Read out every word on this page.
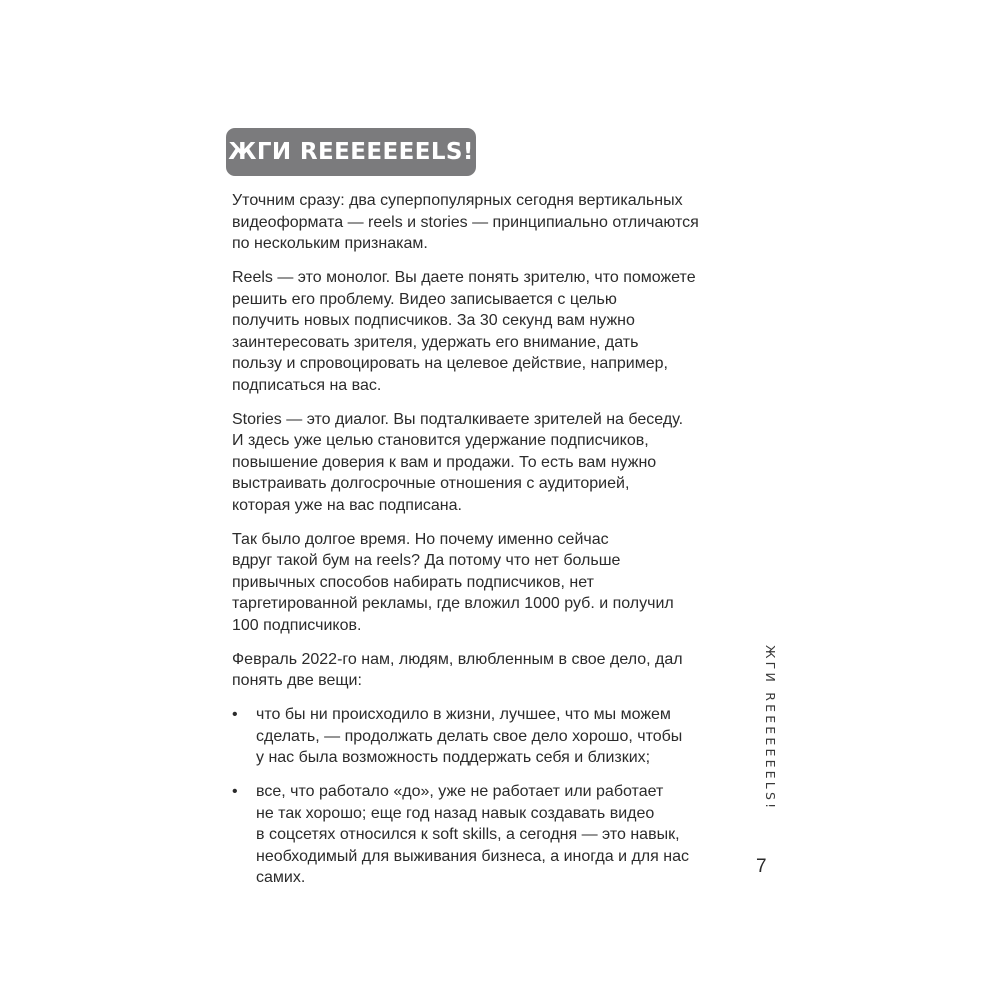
ЖГИ REEEEEEELS!

Уточним сразу: два суперпопулярных сегодня вертикальных
видеоформата — reels и stories — принципиально отличаются
по нескольким признакам.

Reels — это монолог. Вы даете понять зрителю, что поможете
решить его проблему. Видео записывается с целью
получить новых подписчиков. За 30 секунд вам нужно
заинтересовать зрителя, удержать его внимание, дать
пользу и спровоцировать на целевое действие, например,
подписаться на вас.

Stories — это диалог. Вы подталкиваете зрителей на беседу.
И здесь уже целью становится удержание подписчиков,
повышение доверия к вам и продажи. То есть вам нужно
выстраивать долгосрочные отношения с аудиторией,
которая уже на вас подписана.

Так было долгое время. Но почему именно сейчас
вдруг такой бум на reels? Да потому что нет больше
привычных способов набирать подписчиков, нет
таргетированной рекламы, где вложил 1000 руб. и получил
100 подписчиков.

Февраль 2022-го нам, людям, влюбленным в свое дело, дал
понять две вещи:

• что бы ни происходило в жизни, лучшее, что мы можем
сделать, — продолжать делать свое дело хорошо, чтобы
у нас была возможность поддержать себя и близких;
• все, что работало «до», уже не работает или работает
не так хорошо; еще год назад навык создавать видео
в соцсетях относился к soft skills, а сегодня — это навык,
необходимый для выживания бизнеса, а иногда и для нас
самих.
ЖГИ REEEEEEELS!
7
